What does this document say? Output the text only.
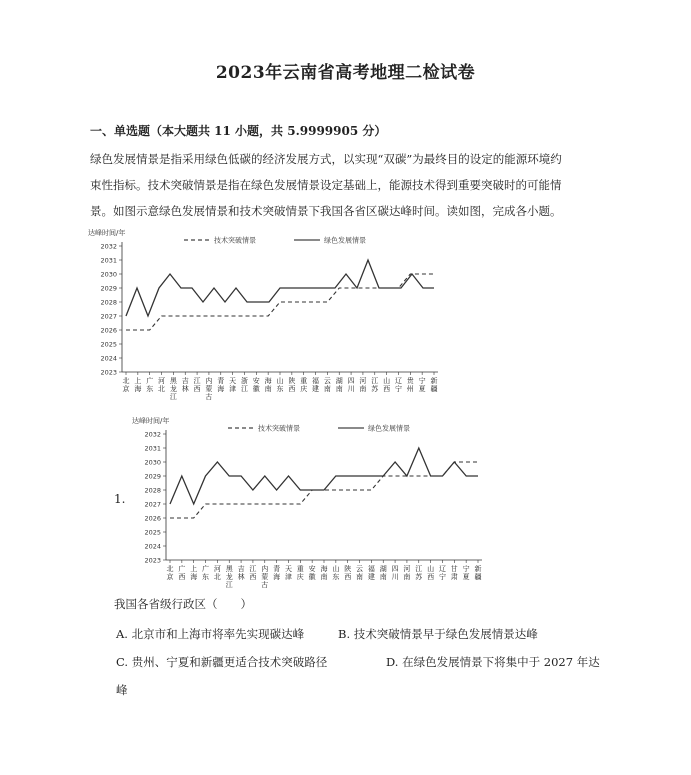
2023年云南省高考地理二检试卷
一、单选题（本大题共 11 小题，共 5.9999905 分）
绿色发展情景是指采用绿色低碳的经济发展方式，以实现“双碳”为最终目的设定的能源环境约
束性指标。技术突破情景是指在绿色发展情景设定基础上，能源技术得到重要突破时的可能情
景。如图示意绿色发展情景和技术突破情景下我国各省区碳达峰时间。读如图，完成各小题。
达峰时间/年
2023
2024
2025
2026
2027
2028
2029
2030
2031
2032
北京
上海
广东
河北
黑龙江
吉林
江西
内蒙古
青海
天津
浙江
安徽
海南
山东
陕西
重庆
福建
云南
湖南
四川
河南
江苏
山西
辽宁
贵州
宁夏
新疆
技术突破情景	绿色发展情景
达峰时间/年
2023
2024
2025
2026
2027
2028
2029
2030
2031
2032
北京
广西
上海
广东
河北
黑龙江
吉林
江西
内蒙古
青海
天津
重庆
安徽
海南
山东
陕西
云南
福建
湖南
四川
河南
江苏
山西
辽宁
甘肃
宁夏
新疆
技术突破情景	绿色发展情景
1.
我国各省级行政区（　　）
A. 北京市和上海市将率先实现碳达峰	B. 技术突破情景早于绿色发展情景达峰
C. 贵州、宁夏和新疆更适合技术突破路径	D. 在绿色发展情景下将集中于 2027 年达
峰
